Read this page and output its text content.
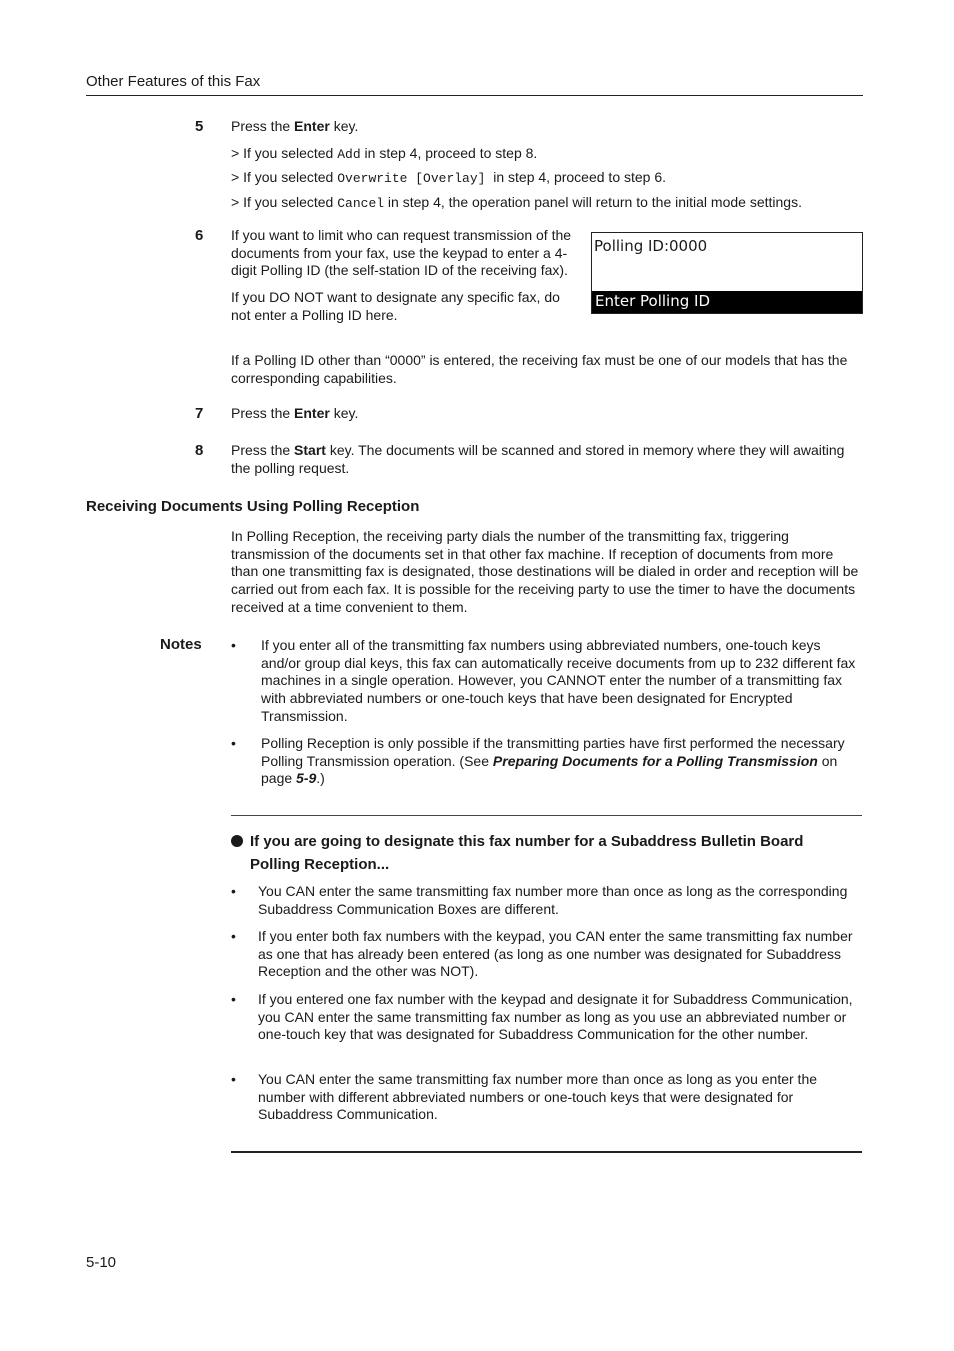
Other Features of this Fax
5 Press the Enter key.

> If you selected Add in step 4, proceed to step 8.

> If you selected Overwrite [Overlay]  in step 4, proceed to step 6.

> If you selected Cancel in step 4, the operation panel will return to the initial mode settings.

6 If you want to limit who can request transmission of the documents from your fax, use the keypad to enter a 4-digit Polling ID (the self-station ID of the receiving fax).

If you DO NOT want to designate any specific fax, do not enter a Polling ID here.

If a Polling ID other than “0000” is entered, the receiving fax must be one of our models that has the corresponding capabilities.
Polling ID:0000
Enter Polling ID
7 Press the Enter key.
8 Press the Start key. The documents will be scanned and stored in memory where they will awaiting the polling request.
Receiving Documents Using Polling Reception
In Polling Reception, the receiving party dials the number of the transmitting fax, triggering transmission of the documents set in that other fax machine. If reception of documents from more than one transmitting fax is designated, those destinations will be dialed in order and reception will be carried out from each fax. It is possible for the receiving party to use the timer to have the documents received at a time convenient to them.
Notes • If you enter all of the transmitting fax numbers using abbreviated numbers, one-touch keys and/or group dial keys, this fax can automatically receive documents from up to 232 different fax machines in a single operation. However, you CANNOT enter the number of a transmitting fax with abbreviated numbers or one-touch keys that have been designated for Encrypted Transmission.
• Polling Reception is only possible if the transmitting parties have first performed the necessary Polling Transmission operation. (See Preparing Documents for a Polling Transmission on page 5-9.)
If you are going to designate this fax number for a Subaddress Bulletin Board Polling Reception...
• You CAN enter the same transmitting fax number more than once as long as the corresponding Subaddress Communication Boxes are different.
• If you enter both fax numbers with the keypad, you CAN enter the same transmitting fax number as one that has already been entered (as long as one number was designated for Subaddress Reception and the other was NOT).
• If you entered one fax number with the keypad and designate it for Subaddress Communication, you CAN enter the same transmitting fax number as long as you use an abbreviated number or one-touch key that was designated for Subaddress Communication for the other number.
• You CAN enter the same transmitting fax number more than once as long as you enter the number with different abbreviated numbers or one-touch keys that were designated for Subaddress Communication.
5-10
